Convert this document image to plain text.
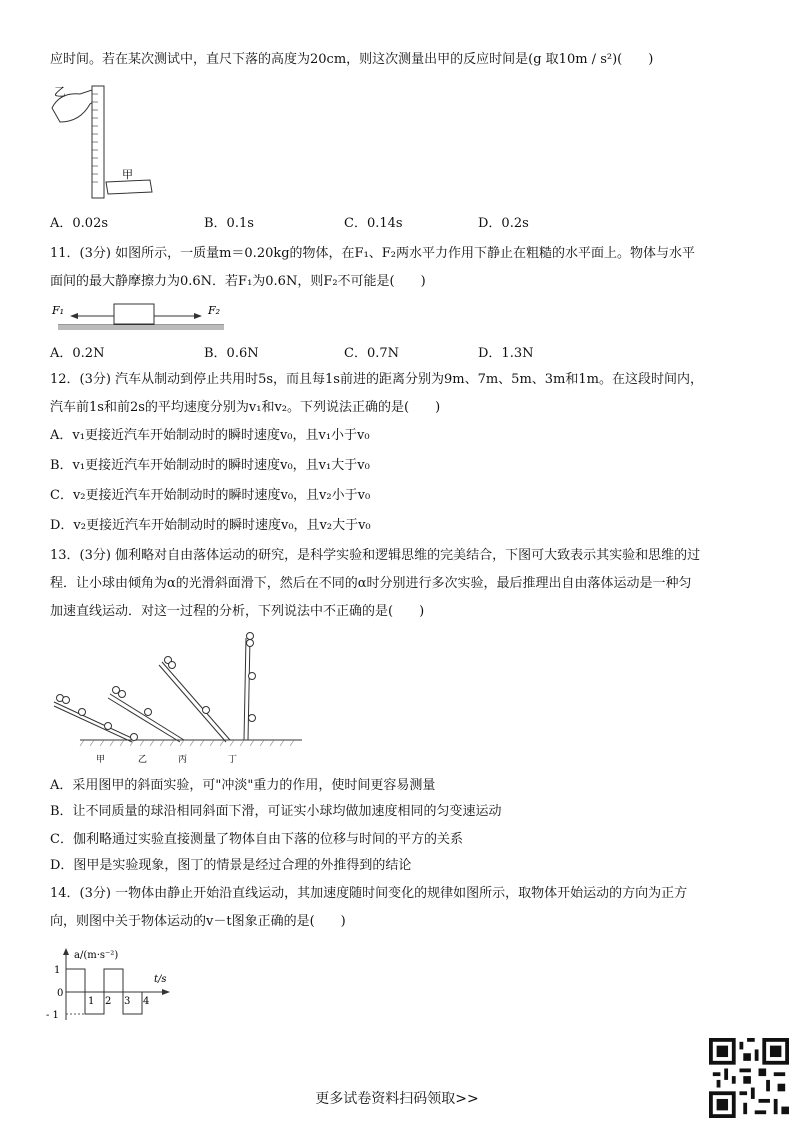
应时间。若在某次测试中，直尺下落的高度为20cm，则这次测量出甲的反应时间是(g 取10m / s²)(　　)
乙
甲
A．0.02s	B．0.1s	C．0.14s	D．0.2s
11．(3分) 如图所示，一质量m＝0.20kg的物体，在F₁、F₂两水平力作用下静止在粗糙的水平面上。物体与水平
面间的最大静摩擦力为0.6N．若F₁为0.6N，则F₂不可能是(　　)
F₁	F₂
A．0.2N	B．0.6N	C．0.7N	D．1.3N
12．(3分) 汽车从制动到停止共用时5s，而且每1s前进的距离分别为9m、7m、5m、3m和1m。在这段时间内，
汽车前1s和前2s的平均速度分别为v₁和v₂。下列说法正确的是(　　)
A．v₁更接近汽车开始制动时的瞬时速度v₀，且v₁小于v₀
B．v₁更接近汽车开始制动时的瞬时速度v₀，且v₁大于v₀
C．v₂更接近汽车开始制动时的瞬时速度v₀，且v₂小于v₀
D．v₂更接近汽车开始制动时的瞬时速度v₀，且v₂大于v₀
13．(3分) 伽利略对自由落体运动的研究，是科学实验和逻辑思维的完美结合，下图可大致表示其实验和思维的过
程．让小球由倾角为α的光滑斜面滑下，然后在不同的α时分别进行多次实验，最后推理出自由落体运动是一种匀
加速直线运动．对这一过程的分析，下列说法中不正确的是(　　)
甲	乙	丙	丁
A．采用图甲的斜面实验，可"冲淡"重力的作用，使时间更容易测量
B．让不同质量的球沿相同斜面下滑，可证实小球均做加速度相同的匀变速运动
C．伽利略通过实验直接测量了物体自由下落的位移与时间的平方的关系
D．图甲是实验现象，图丁的情景是经过合理的外推得到的结论
14．(3分) 一物体由静止开始沿直线运动，其加速度随时间变化的规律如图所示，取物体开始运动的方向为正方
向，则图中关于物体运动的v－t图象正确的是(　　)
a/(m·s⁻²)
t/s
1
0
- 1
1 2 3 4
更多试卷资料扫码领取>>
